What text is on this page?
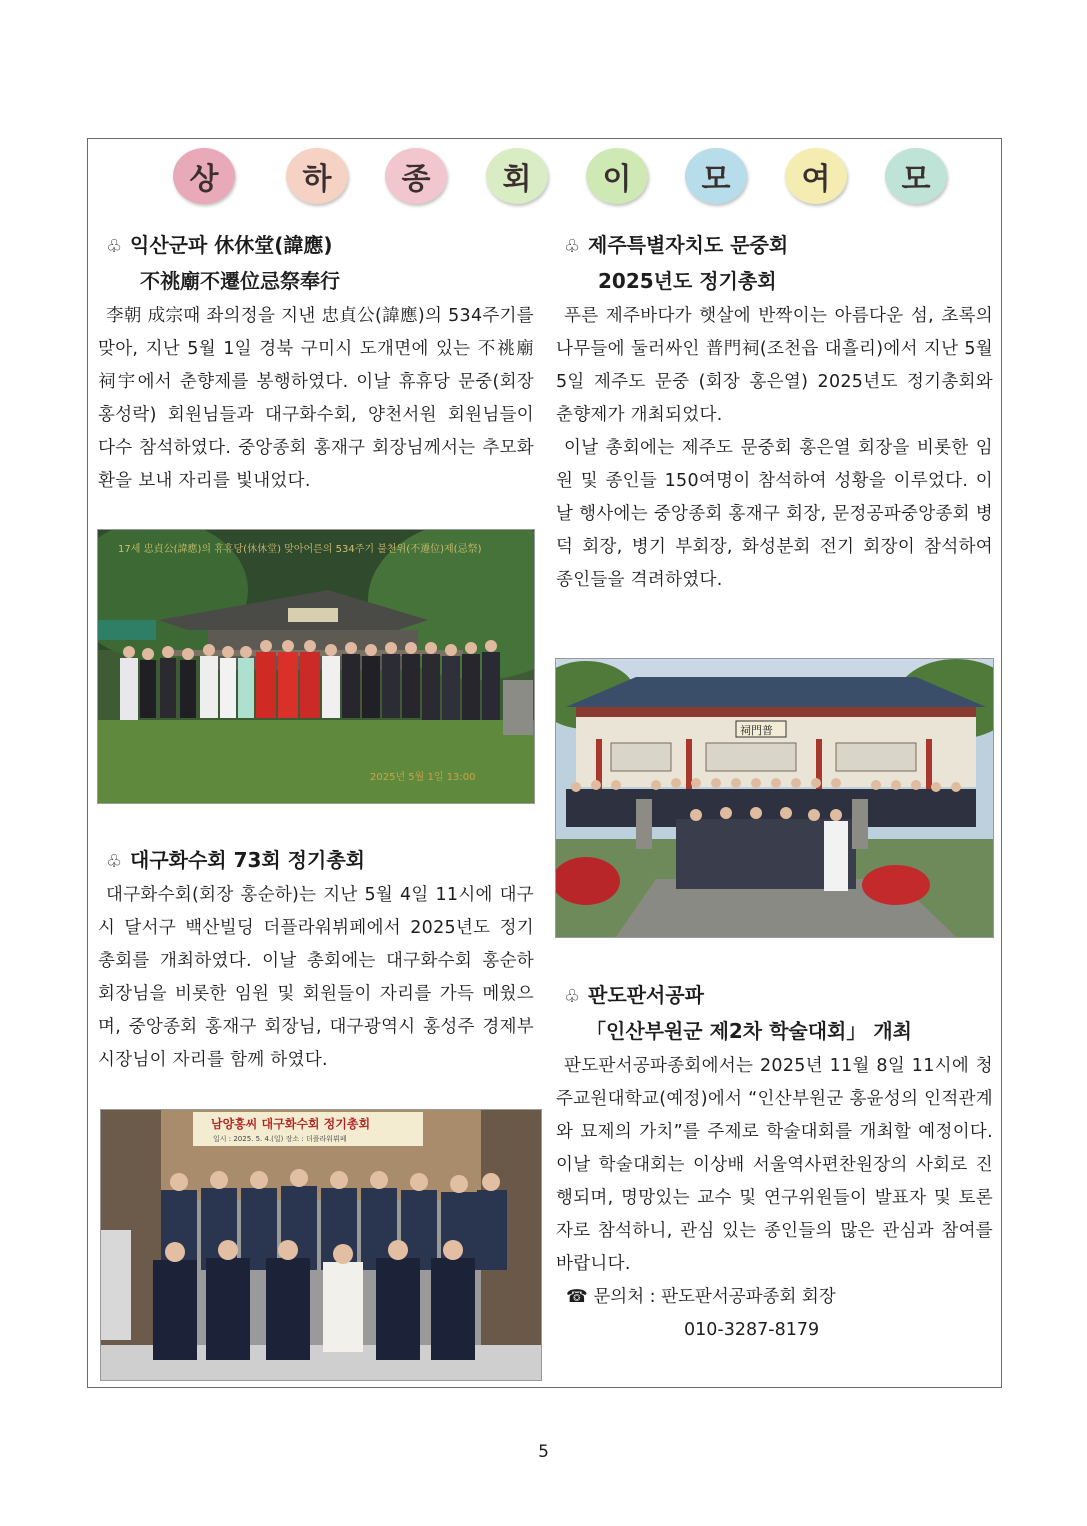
상	하	종	회	이	모	여	모
♧ 익산군파 休休堂(諱應)
不祧廟不遷位忌祭奉行

李朝 成宗때 좌의정을 지낸 忠貞公(諱應)의 534주기를 맞아, 지난 5월 1일 경북 구미시 도개면에 있는 不祧廟 祠宇에서 춘향제를 봉행하였다. 이날 휴휴당 문중(회장 홍성락) 회원님들과 대구화수회, 양천서원 회원님들이 다수 참석하였다. 중앙종회 홍재구 회장님께서는 추모화환을 보내 자리를 빛내었다.

17세 忠貞公(諱應)의 휴휴당(休休堂) 맞아어른의 534주기 불천위(不遷位)제(忌祭)
2025년 5월 1일 13:00
♧ 대구화수회 73회 정기총회

대구화수회(회장 홍순하)는 지난 5월 4일 11시에 대구시 달서구 백산빌딩 더플라워뷔페에서 2025년도 정기총회를 개최하였다. 이날 총회에는 대구화수회 홍순하 회장님을 비롯한 임원 및 회원들이 자리를 가득 메웠으며, 중앙종회 홍재구 회장님, 대구광역시 홍성주 경제부시장님이 자리를 함께 하였다.

남양홍씨 대구화수회 정기총회
일시 : 2025. 5. 4.(일) 장소 : 더플라워뷔페
♧ 제주특별자치도 문중회
2025년도 정기총회

푸른 제주바다가 햇살에 반짝이는 아름다운 섬, 초록의 나무들에 둘러싸인 普門祠(조천읍 대흘리)에서 지난 5월 5일 제주도 문중 (회장 홍은열) 2025년도 정기총회와 춘향제가 개최되었다.

이날 총회에는 제주도 문중회 홍은열 회장을 비롯한 임원 및 종인들 150여명이 참석하여 성황을 이루었다. 이날 행사에는 중앙종회 홍재구 회장, 문정공파중앙종회 병덕 회장, 병기 부회장, 화성분회 전기 회장이 참석하여 종인들을 격려하였다.

祠門普
♧ 판도판서공파
「인산부원군 제2차 학술대회」 개최

판도판서공파종회에서는 2025년 11월 8일 11시에 청주교원대학교(예정)에서 “인산부원군 홍윤성의 인적관계와 묘제의 가치”를 주제로 학술대회를 개최할 예정이다. 이날 학술대회는 이상배 서울역사편찬원장의 사회로 진행되며, 명망있는 교수 및 연구위원들이 발표자 및 토론자로 참석하니, 관심 있는 종인들의 많은 관심과 참여를 바랍니다.

☎ 문의처 : 판도판서공파종회 회장
010-3287-8179
5
